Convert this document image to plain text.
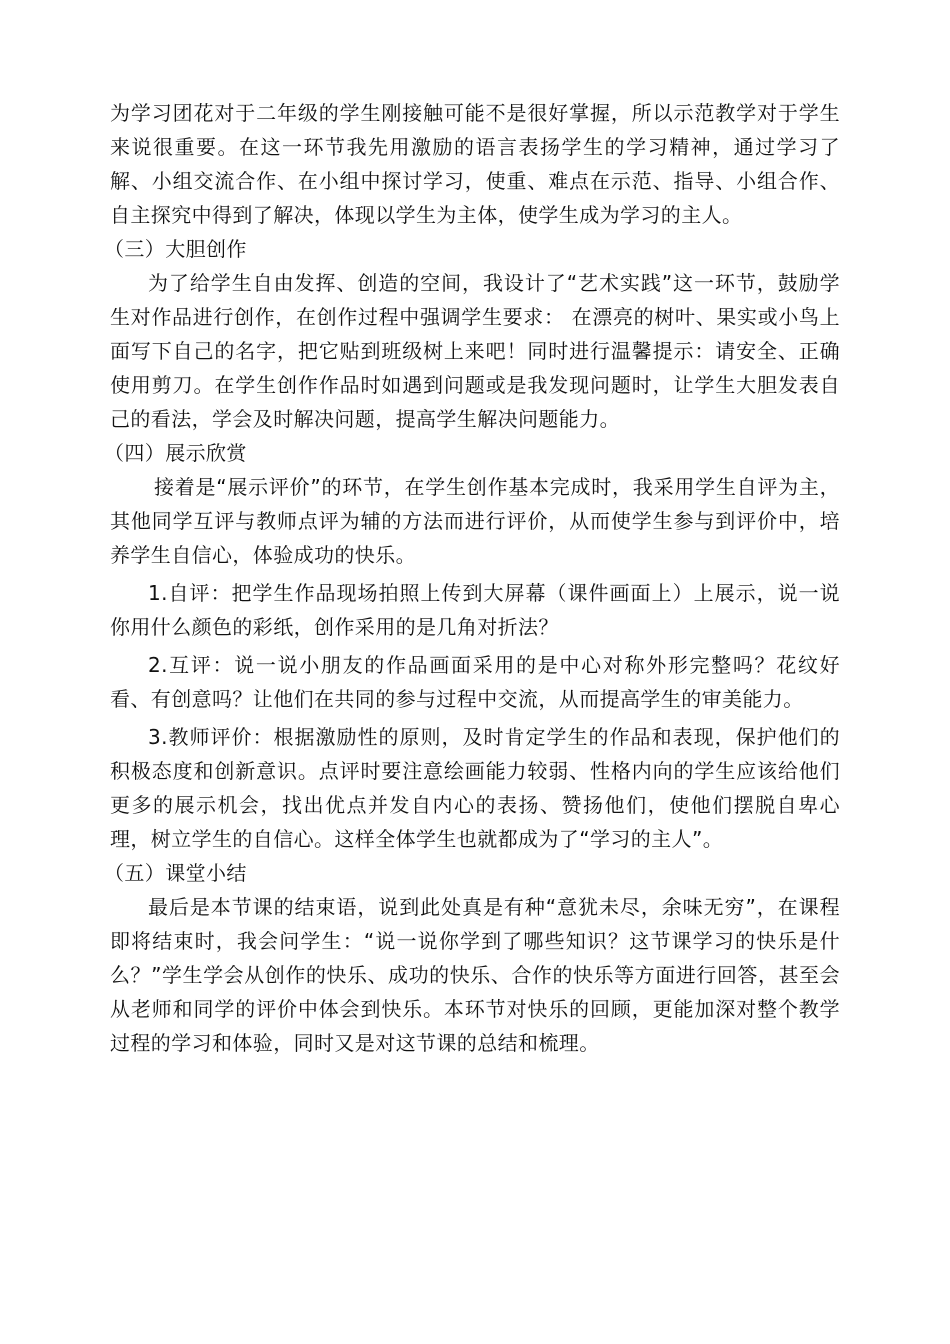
为学习团花对于二年级的学生刚接触可能不是很好掌握，所以示范教学对于学生来说很重要。在这一环节我先用激励的语言表扬学生的学习精神，通过学习了解、小组交流合作、在小组中探讨学习，使重、难点在示范、指导、小组合作、自主探究中得到了解决，体现以学生为主体，使学生成为学习的主人。

（三）大胆创作

为了给学生自由发挥、创造的空间，我设计了“艺术实践”这一环节，鼓励学生对作品进行创作，在创作过程中强调学生要求： 在漂亮的树叶、果实或小鸟上面写下自己的名字，把它贴到班级树上来吧！同时进行温馨提示：请安全、正确使用剪刀。在学生创作作品时如遇到问题或是我发现问题时，让学生大胆发表自己的看法，学会及时解决问题，提高学生解决问题能力。

（四）展示欣赏

接着是“展示评价”的环节，在学生创作基本完成时，我采用学生自评为主，其他同学互评与教师点评为辅的方法而进行评价，从而使学生参与到评价中，培养学生自信心，体验成功的快乐。

1.自评：把学生作品现场拍照上传到大屏幕（课件画面上）上展示，说一说你用什么颜色的彩纸，创作采用的是几角对折法？

2.互评：说一说小朋友的作品画面采用的是中心对称外形完整吗？花纹好看、有创意吗？让他们在共同的参与过程中交流，从而提高学生的审美能力。

3.教师评价：根据激励性的原则，及时肯定学生的作品和表现，保护他们的积极态度和创新意识。点评时要注意绘画能力较弱、性格内向的学生应该给他们更多的展示机会，找出优点并发自内心的表扬、赞扬他们，使他们摆脱自卑心理，树立学生的自信心。这样全体学生也就都成为了“学习的主人”。

（五）课堂小结

最后是本节课的结束语，说到此处真是有种“意犹未尽，余味无穷”，在课程即将结束时，我会问学生：“说一说你学到了哪些知识？这节课学习的快乐是什么？”学生学会从创作的快乐、成功的快乐、合作的快乐等方面进行回答，甚至会从老师和同学的评价中体会到快乐。本环节对快乐的回顾，更能加深对整个教学过程的学习和体验，同时又是对这节课的总结和梳理。
